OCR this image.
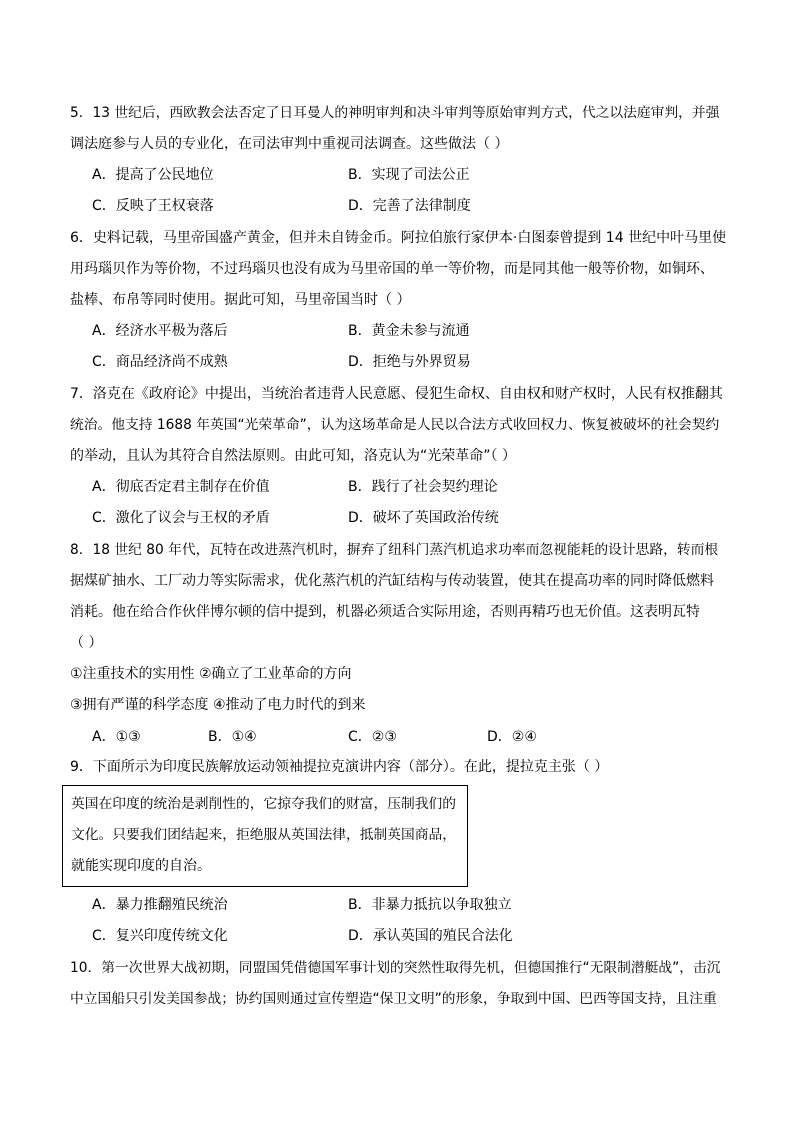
5．13 世纪后，西欧教会法否定了日耳曼人的神明审判和决斗审判等原始审判方式，代之以法庭审判，并强
调法庭参与人员的专业化，在司法审判中重视司法调查。这些做法（ ）
A．提高了公民地位	B．实现了司法公正
C．反映了王权衰落	D．完善了法律制度
6．史料记载，马里帝国盛产黄金，但并未自铸金币。阿拉伯旅行家伊本·白图泰曾提到 14 世纪中叶马里使
用玛瑙贝作为等价物，不过玛瑙贝也没有成为马里帝国的单一等价物，而是同其他一般等价物，如铜环、
盐棒、布帛等同时使用。据此可知，马里帝国当时（ ）
A．经济水平极为落后	B．黄金未参与流通
C．商品经济尚不成熟	D．拒绝与外界贸易
7．洛克在《政府论》中提出，当统治者违背人民意愿、侵犯生命权、自由权和财产权时，人民有权推翻其
统治。他支持 1688 年英国“光荣革命”，认为这场革命是人民以合法方式收回权力、恢复被破坏的社会契约
的举动，且认为其符合自然法原则。由此可知，洛克认为“光荣革命”（ ）
A．彻底否定君主制存在价值	B．践行了社会契约理论
C．激化了议会与王权的矛盾	D．破坏了英国政治传统
8．18 世纪 80 年代，瓦特在改进蒸汽机时，摒弃了纽科门蒸汽机追求功率而忽视能耗的设计思路，转而根
据煤矿抽水、工厂动力等实际需求，优化蒸汽机的汽缸结构与传动装置，使其在提高功率的同时降低燃料
消耗。他在给合作伙伴博尔顿的信中提到，机器必须适合实际用途，否则再精巧也无价值。这表明瓦特
（ ）
①注重技术的实用性 ②确立了工业革命的方向
③拥有严谨的科学态度 ④推动了电力时代的到来
A．①③	B．①④	C．②③	D．②④
9．下面所示为印度民族解放运动领袖提拉克演讲内容（部分）。在此，提拉克主张（ ）
英国在印度的统治是剥削性的，它掠夺我们的财富，压制我们的
文化。只要我们团结起来，拒绝服从英国法律，抵制英国商品，
就能实现印度的自治。
A．暴力推翻殖民统治	B．非暴力抵抗以争取独立
C．复兴印度传统文化	D．承认英国的殖民合法化
10．第一次世界大战初期，同盟国凭借德国军事计划的突然性取得先机，但德国推行“无限制潜艇战”，击沉
中立国船只引发美国参战；协约国则通过宣传塑造“保卫文明”的形象，争取到中国、巴西等国支持，且注重
